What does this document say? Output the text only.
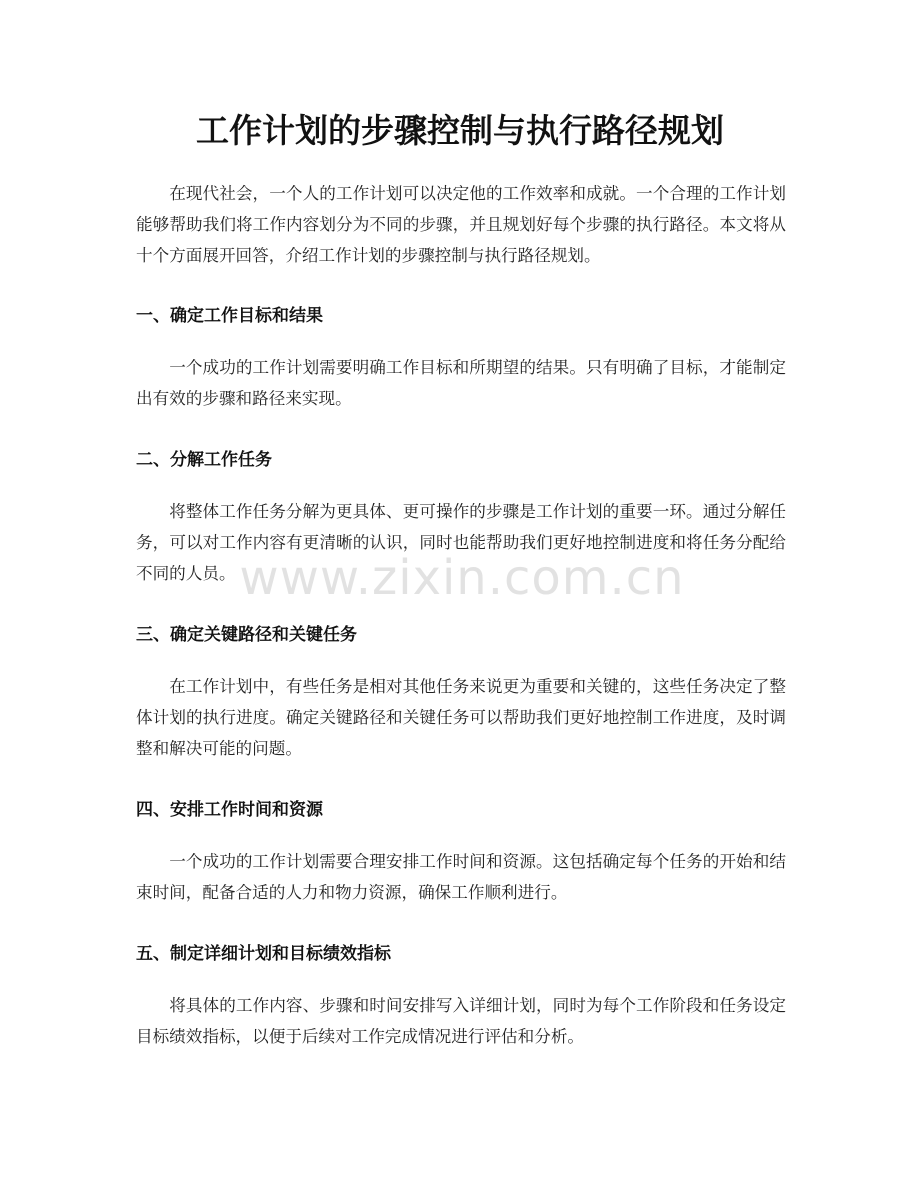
工作计划的步骤控制与执行路径规划

在现代社会，一个人的工作计划可以决定他的工作效率和成就。一个合理的工作计划能够帮助我们将工作内容划分为不同的步骤，并且规划好每个步骤的执行路径。本文将从十个方面展开回答，介绍工作计划的步骤控制与执行路径规划。

一、确定工作目标和结果

一个成功的工作计划需要明确工作目标和所期望的结果。只有明确了目标，才能制定出有效的步骤和路径来实现。

二、分解工作任务

将整体工作任务分解为更具体、更可操作的步骤是工作计划的重要一环。通过分解任务，可以对工作内容有更清晰的认识，同时也能帮助我们更好地控制进度和将任务分配给不同的人员。

三、确定关键路径和关键任务

在工作计划中，有些任务是相对其他任务来说更为重要和关键的，这些任务决定了整体计划的执行进度。确定关键路径和关键任务可以帮助我们更好地控制工作进度，及时调整和解决可能的问题。

四、安排工作时间和资源

一个成功的工作计划需要合理安排工作时间和资源。这包括确定每个任务的开始和结束时间，配备合适的人力和物力资源，确保工作顺利进行。

五、制定详细计划和目标绩效指标

将具体的工作内容、步骤和时间安排写入详细计划，同时为每个工作阶段和任务设定目标绩效指标，以便于后续对工作完成情况进行评估和分析。

www.zixin.com.cn
